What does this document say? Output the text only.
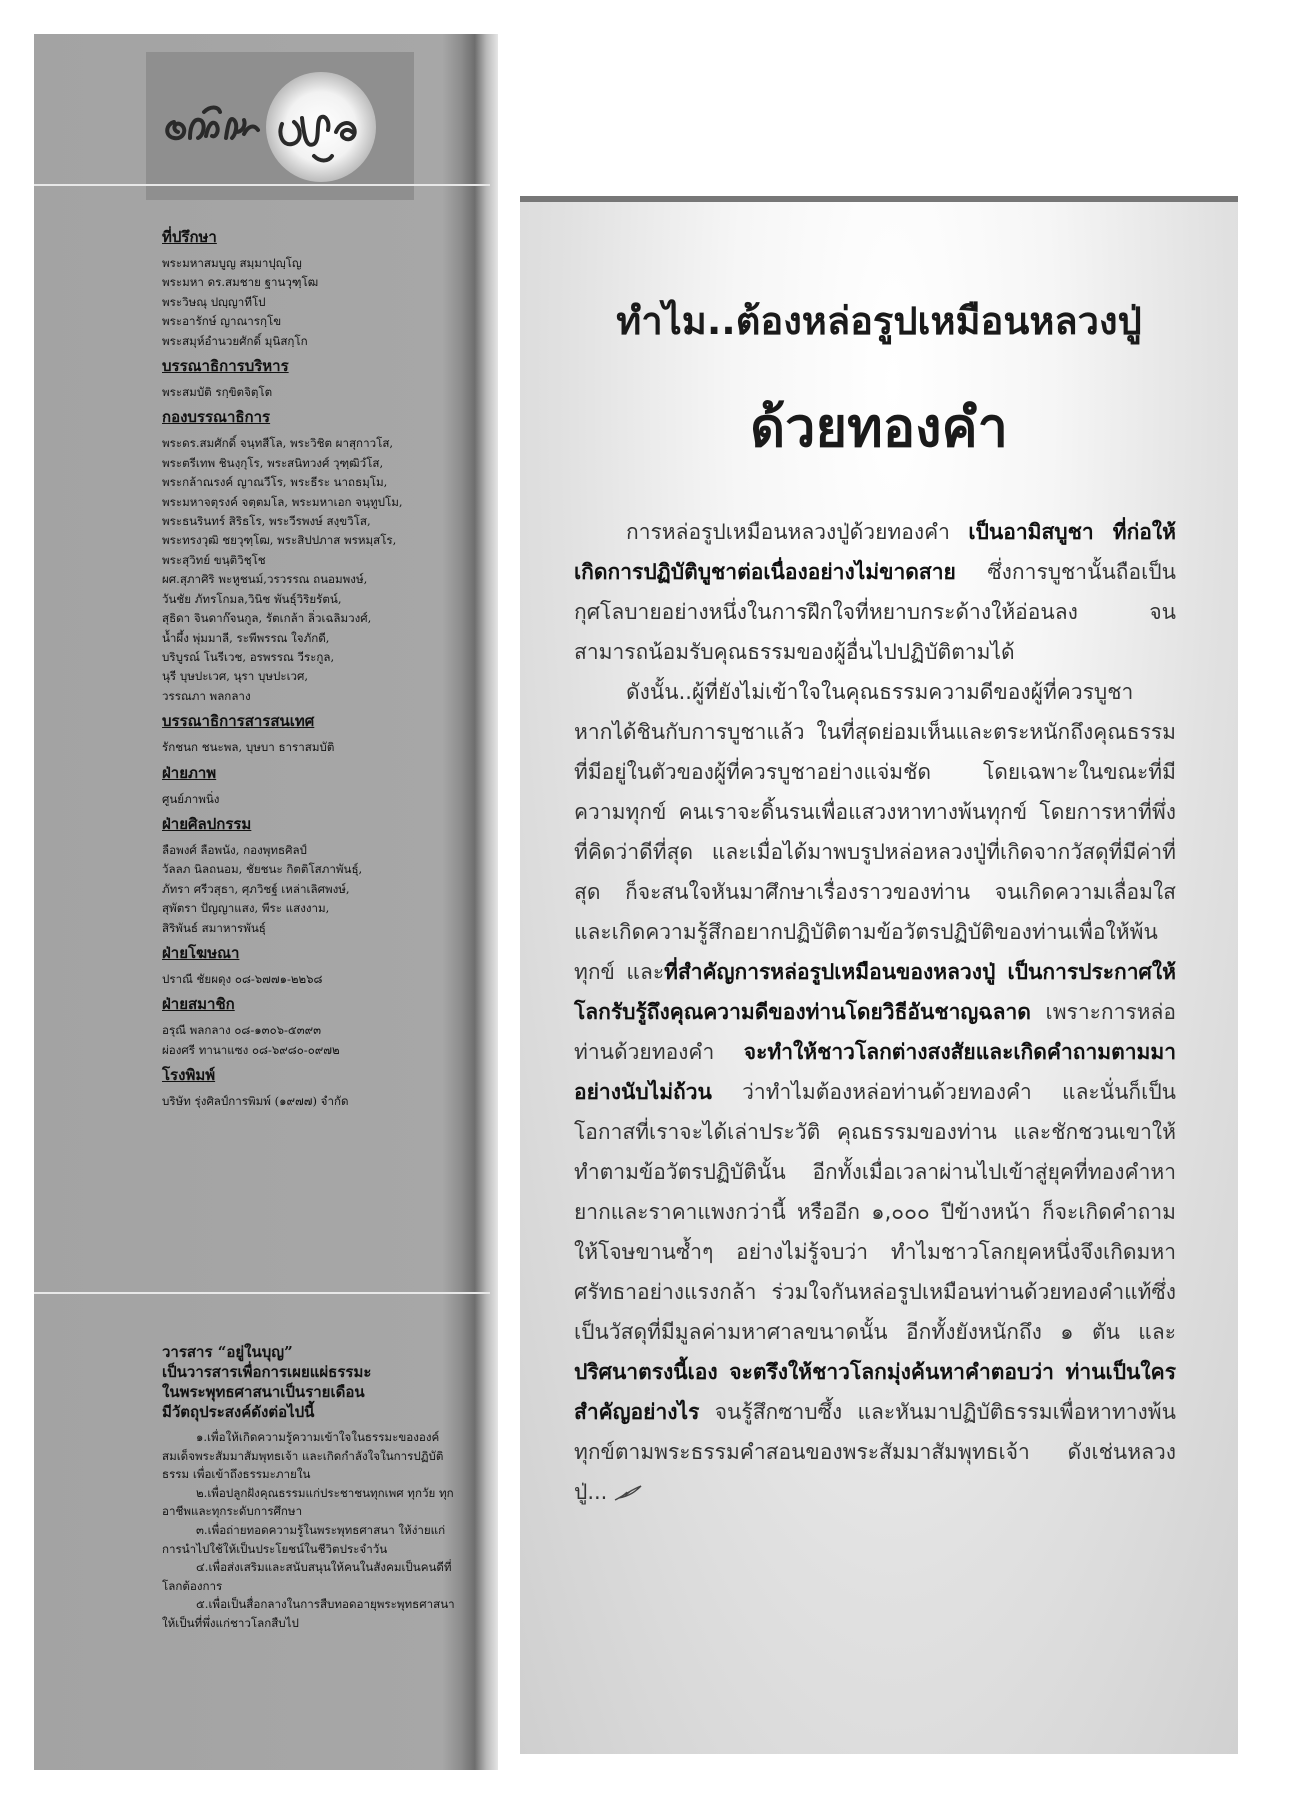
ที่ปรึกษา
พระมหาสมบูญ สมฺมาปุญฺโญ
พระมหา ดร.สมชาย ฐานวุฑฺโฒ
พระวิษณุ ปญฺญาทีโป
พระอารักษ์ ญาณารกฺโข
พระสมุห์อำนวยศักดิ์ มุนิสกฺโก
บรรณาธิการบริหาร
พระสมบัติ รกฺขิตจิตฺโต
กองบรรณาธิการ
พระดร.สมศักดิ์ จนฺทสีโล, พระวิชิต ผาสุกาวโส,
พระตรีเทพ ชินงฺกุโร, พระสนิทวงศ์ วุฑฺฒิวํโส,
พระกล้าณรงค์ ญาณวีโร, พระธีระ นาถธมฺโม,
พระมหาจตุรงค์ จตฺตมโล, พระมหาเอก จนฺทูปโม,
พระธนรินทร์ สิริธโร, พระวีรพงษ์ สงฺขวิโส,
พระทรงวุฒิ ชยวุฑฺโฒ, พระสิปปภาส พรหมฺสโร,
พระสุวิทย์ ขนฺติวิชฺโช
ผศ.สุภาศิริ พะหูชนม์,วรวรรณ ถนอมพงษ์,
วันชัย ภัทรโกมล,วินิช พันธุ์วิริยรัตน์,
สุธิดา จินดาก๊จนกูล, รัตเกล้า ลิ่วเฉลิมวงศ์,
น้ำผึ้ง พุ่มมาลี, ระพีพรรณ ใจภักดี,
บริบูรณ์ โนรีเวช, อรพรรณ วีระกูล,
นุรี บุษปะเวศ, นุรา บุษปะเวศ,
วรรณภา พลกลาง
บรรณาธิการสารสนเทศ
รักชนก ชนะพล, บุษบา ธาราสมบัติ
ฝ่ายภาพ
ศูนย์ภาพนิ่ง
ฝ่ายศิลปกรรม
ลือพงศ์ ลือพนัง, กองพุทธศิลป์
วัลลภ นิลถนอม, ชัยชนะ กิตติโสภาพันธุ์,
ภัทรา ศรีวสุธา, ศุภวิชฐ์ เหล่าเลิศพงษ์,
สุพัตรา ปัญญาแสง, พีระ แสงงาม,
สิริพันธ์ สมาหารพันธุ์
ฝ่ายโฆษณา
ปราณี ชัยผดุง ๐๘-๖๗๗๑-๒๒๖๘
ฝ่ายสมาชิก
อรุณี พลกลาง ๐๘-๑๓๐๖-๕๓๙๓
ผ่องศรี ทานาแซง ๐๘-๖๙๘๐-๐๙๗๒
โรงพิมพ์
บริษัท รุ่งศิลป์การพิมพ์ (๑๙๗๗) จำกัด
วารสาร “อยู่ในบุญ”
เป็นวารสารเพื่อการเผยแผ่ธรรมะ
ในพระพุทธศาสนาเป็นรายเดือน
มีวัตถุประสงค์ดังต่อไปนี้
๑.เพื่อให้เกิดความรู้ความเข้าใจในธรรมะขององค์สมเด็จพระสัมมาสัมพุทธเจ้า และเกิดกำลังใจในการปฏิบัติธรรม เพื่อเข้าถึงธรรมะภายใน
๒.เพื่อปลูกฝังคุณธรรมแก่ประชาชนทุกเพศ ทุกวัย ทุกอาชีพและทุกระดับการศึกษา
๓.เพื่อถ่ายทอดความรู้ในพระพุทธศาสนา ให้ง่ายแก่การนำไปใช้ให้เป็นประโยชน์ในชีวิตประจำวัน
๔.เพื่อส่งเสริมและสนับสนุนให้คนในสังคมเป็นคนดีที่โลกต้องการ
๕.เพื่อเป็นสื่อกลางในการสืบทอดอายุพระพุทธศาสนาให้เป็นที่พึ่งแก่ชาวโลกสืบไป
ทำไม..ต้องหล่อรูปเหมือนหลวงปู่
ด้วยทองคำ

การหล่อรูปเหมือนหลวงปู่ด้วยทองคำ เป็นอามิสบูชา ที่ก่อให้เกิดการปฏิบัติบูชาต่อเนื่องอย่างไม่ขาดสาย ซึ่งการบูชานั้นถือเป็นกุศโลบายอย่างหนึ่งในการฝึกใจที่หยาบกระด้างให้อ่อนลง จนสามารถน้อมรับคุณธรรมของผู้อื่นไปปฏิบัติตามได้

ดังนั้น..ผู้ที่ยังไม่เข้าใจในคุณธรรมความดีของผู้ที่ควรบูชา หากได้ชินกับการบูชาแล้ว ในที่สุดย่อมเห็นและตระหนักถึงคุณธรรมที่มีอยู่ในตัวของผู้ที่ควรบูชาอย่างแจ่มชัด โดยเฉพาะในขณะที่มีความทุกข์ คนเราจะดิ้นรนเพื่อแสวงหาทางพ้นทุกข์ โดยการหาที่พึ่งที่คิดว่าดีที่สุด และเมื่อได้มาพบรูปหล่อหลวงปู่ที่เกิดจากวัสดุที่มีค่าที่สุด ก็จะสนใจหันมาศึกษาเรื่องราวของท่าน จนเกิดความเลื่อมใส และเกิดความรู้สึกอยากปฏิบัติตามข้อวัตรปฏิบัติของท่านเพื่อให้พ้นทุกข์ และที่สำคัญการหล่อรูปเหมือนของหลวงปู่ เป็นการประกาศให้โลกรับรู้ถึงคุณความดีของท่านโดยวิธีอันชาญฉลาด เพราะการหล่อท่านด้วยทองคำ จะทำให้ชาวโลกต่างสงสัยและเกิดคำถามตามมาอย่างนับไม่ถ้วน ว่าทำไมต้องหล่อท่านด้วยทองคำ และนั่นก็เป็นโอกาสที่เราจะได้เล่าประวัติ คุณธรรมของท่าน และชักชวนเขาให้ทำตามข้อวัตรปฏิบัตินั้น อีกทั้งเมื่อเวลาผ่านไปเข้าสู่ยุคที่ทองคำหายากและราคาแพงกว่านี้ หรืออีก ๑,๐๐๐ ปีข้างหน้า ก็จะเกิดคำถามให้โจษขานซ้ำๆ อย่างไม่รู้จบว่า ทำไมชาวโลกยุคหนึ่งจึงเกิดมหาศรัทธาอย่างแรงกล้า ร่วมใจกันหล่อรูปเหมือนท่านด้วยทองคำแท้ซึ่งเป็นวัสดุที่มีมูลค่ามหาศาลขนาดนั้น อีกทั้งยังหนักถึง ๑ ตัน และปริศนาตรงนี้เอง จะตรึงให้ชาวโลกมุ่งค้นหาคำตอบว่า ท่านเป็นใคร สำคัญอย่างไร จนรู้สึกซาบซึ้ง และหันมาปฏิบัติธรรมเพื่อหาทางพ้นทุกข์ตามพระธรรมคำสอนของพระสัมมาสัมพุทธเจ้า ดังเช่นหลวงปู่...
